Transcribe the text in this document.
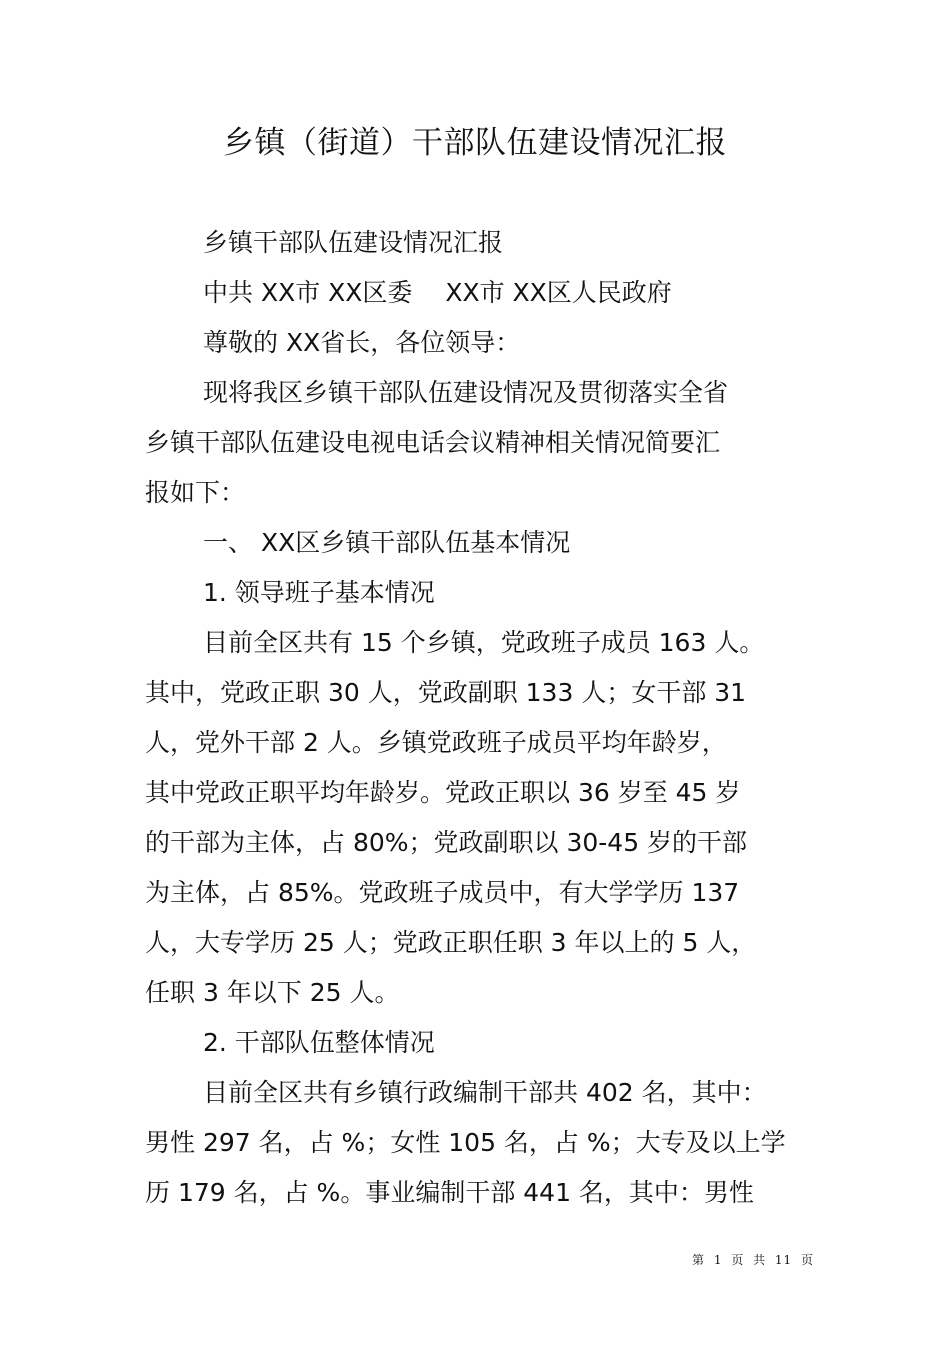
乡镇（街道）干部队伍建设情况汇报

乡镇干部队伍建设情况汇报

中共 XX市 XX区委　 XX市 XX区人民政府

尊敬的 XX省长，各位领导：

现将我区乡镇干部队伍建设情况及贯彻落实全省

乡镇干部队伍建设电视电话会议精神相关情况简要汇

报如下：

一、 XX区乡镇干部队伍基本情况

1. 领导班子基本情况

目前全区共有 15 个乡镇，党政班子成员 163 人。

其中，党政正职 30 人，党政副职 133 人；女干部 31

人，党外干部 2 人。乡镇党政班子成员平均年龄岁，

其中党政正职平均年龄岁。党政正职以 36 岁至 45 岁

的干部为主体，占 80%；党政副职以 30-45 岁的干部

为主体，占 85%。党政班子成员中，有大学学历 137

人，大专学历 25 人；党政正职任职 3 年以上的 5 人，

任职 3 年以下 25 人。

2. 干部队伍整体情况

目前全区共有乡镇行政编制干部共 402 名，其中：

男性 297 名，占 %；女性 105 名，占 %；大专及以上学

历 179 名，占 %。事业编制干部 441 名，其中：男性

第 1 页 共 11 页
